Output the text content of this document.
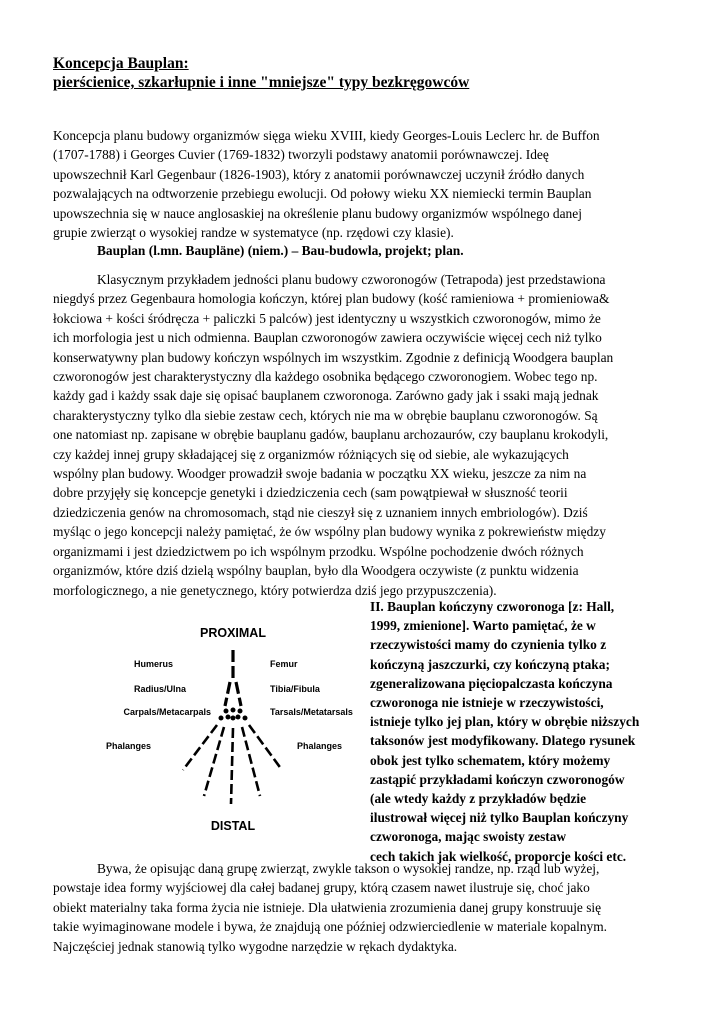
Koncepcja Bauplan:
pierścienice, szkarłupnie i inne "mniejsze" typy bezkręgowców
Koncepcja planu budowy organizmów sięga wieku XVIII, kiedy Georges-Louis Leclerc hr. de Buffon
(1707-1788) i Georges Cuvier (1769-1832) tworzyli podstawy anatomii porównawczej. Ideę
upowszechnił Karl Gegenbaur (1826-1903), który z anatomii porównawczej uczynił źródło danych
pozwalających na odtworzenie przebiegu ewolucji. Od połowy wieku XX niemiecki termin Bauplan
upowszechnia się w nauce anglosaskiej na określenie planu budowy organizmów wspólnego danej
grupie zwierząt o wysokiej randze w systematyce (np. rzędowi czy klasie).
Bauplan (l.mn. Baupläne) (niem.) – Bau-budowla, projekt; plan.
Klasycznym przykładem jedności planu budowy czworonogów (Tetrapoda) jest przedstawiona
niegdyś przez Gegenbaura homologia kończyn, której plan budowy (kość ramieniowa + promieniowa&
łokciowa + kości śródręcza + paliczki 5 palców) jest identyczny u wszystkich czworonogów, mimo że
ich morfologia jest u nich odmienna. Bauplan czworonogów zawiera oczywiście więcej cech niż tylko
konserwatywny plan budowy kończyn wspólnych im wszystkim. Zgodnie z definicją Woodgera bauplan
czworonogów jest charakterystyczny dla każdego osobnika będącego czworonogiem. Wobec tego np.
każdy gad i każdy ssak daje się opisać bauplanem czworonoga. Zarówno gady jak i ssaki mają jednak
charakterystyczny tylko dla siebie zestaw cech, których nie ma w obrębie bauplanu czworonogów. Są
one natomiast np. zapisane w obrębie bauplanu gadów, bauplanu archozaurów, czy bauplanu krokodyli,
czy każdej innej grupy składającej się z organizmów różniących się od siebie, ale wykazujących
wspólny plan budowy. Woodger prowadził swoje badania w początku XX wieku, jeszcze za nim na
dobre przyjęły się koncepcje genetyki i dziedziczenia cech (sam powątpiewał w słuszność teorii
dziedziczenia genów na chromosomach, stąd nie cieszył się z uznaniem innych embriologów). Dziś
myśląc o jego koncepcji należy pamiętać, że ów wspólny plan budowy wynika z pokrewieństw między
organizmami i jest dziedzictwem po ich wspólnym przodku. Wspólne pochodzenie dwóch różnych
organizmów, które dziś dzielą wspólny bauplan, było dla Woodgera oczywiste (z punktu widzenia
morfologicznego, a nie genetycznego, który potwierdza dziś jego przypuszczenia).
PROXIMAL
DISTAL
Humerus
Radius/Ulna
Carpals/Metacarpals
Phalanges
Femur
Tibia/Fibula
Tarsals/Metatarsals
Phalanges
II. Bauplan kończyny czworonoga [z: Hall,
1999, zmienione]. Warto pamiętać, że w
rzeczywistości mamy do czynienia tylko z
kończyną jaszczurki, czy kończyną ptaka;
zgeneralizowana pięciopalczasta kończyna
czworonoga nie istnieje w rzeczywistości,
istnieje tylko jej plan, który w obrębie niższych
taksonów jest modyfikowany. Dlatego rysunek
obok jest tylko schematem, który możemy
zastąpić przykładami kończyn czworonogów
(ale wtedy każdy z przykładów będzie
ilustrował więcej niż tylko Bauplan kończyny
czworonoga, mając swoisty zestaw
cech takich jak wielkość, proporcje kości etc.
Bywa, że opisując daną grupę zwierząt, zwykle takson o wysokiej randze, np. rząd lub wyżej,
powstaje idea formy wyjściowej dla całej badanej grupy, którą czasem nawet ilustruje się, choć jako
obiekt materialny taka forma życia nie istnieje. Dla ułatwienia zrozumienia danej grupy konstruuje się
takie wyimaginowane modele i bywa, że znajdują one później odzwierciedlenie w materiale kopalnym.
Najczęściej jednak stanowią tylko wygodne narzędzie w rękach dydaktyka.
